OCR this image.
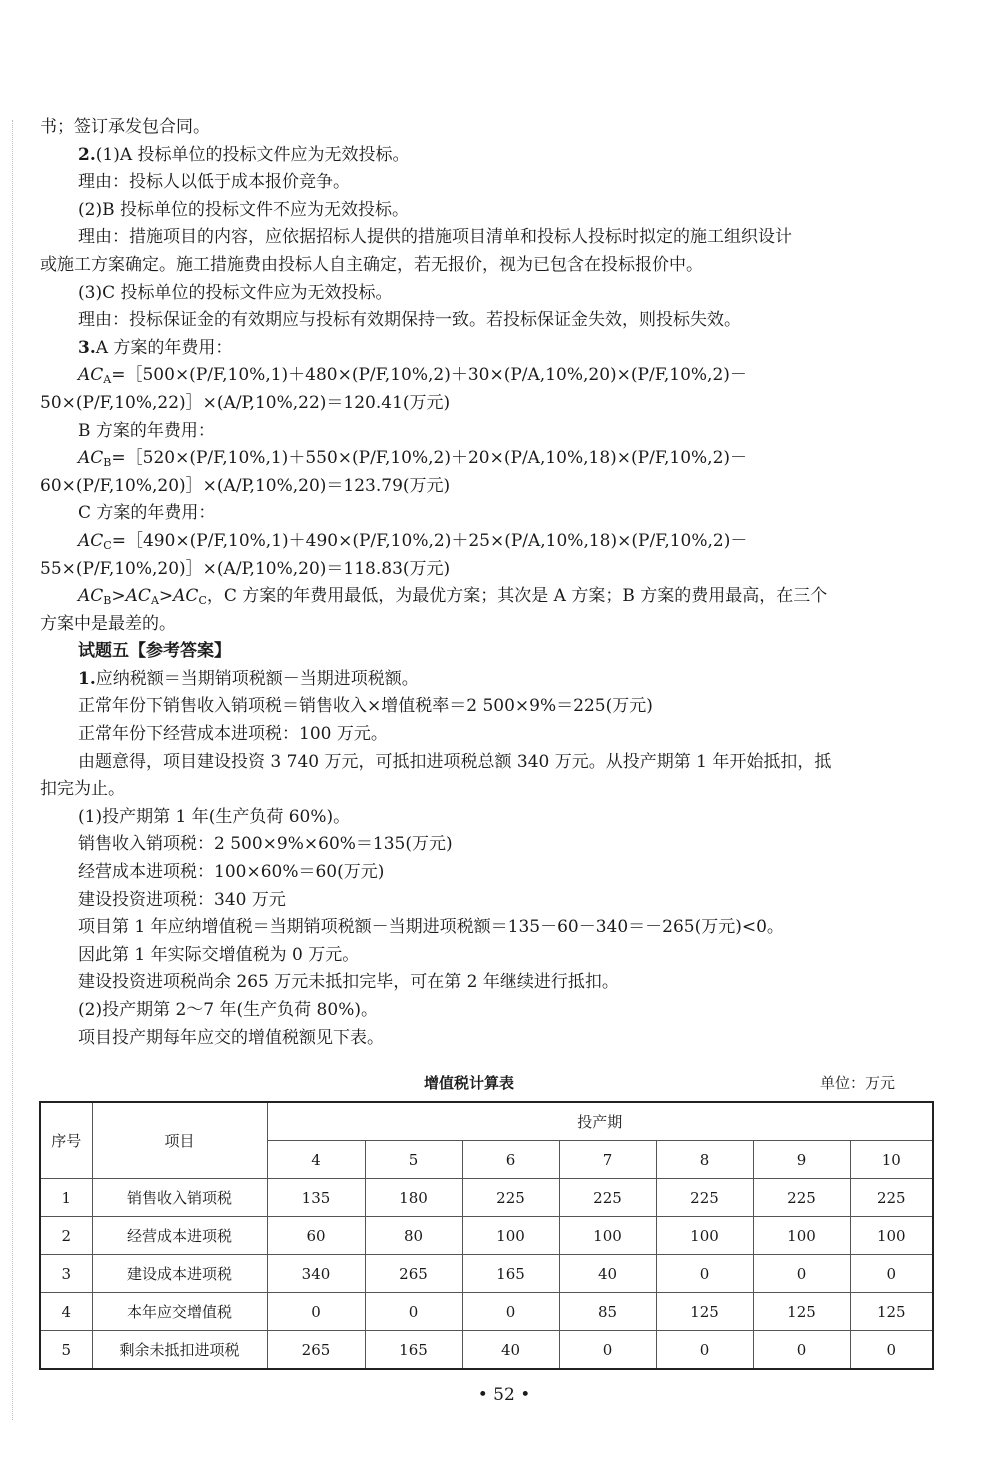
书；签订承发包合同。

2.(1)A 投标单位的投标文件应为无效投标。

理由：投标人以低于成本报价竞争。

(2)B 投标单位的投标文件不应为无效投标。

理由：措施项目的内容，应依据招标人提供的措施项目清单和投标人投标时拟定的施工组织设计

或施工方案确定。施工措施费由投标人自主确定，若无报价，视为已包含在投标报价中。

(3)C 投标单位的投标文件应为无效投标。

理由：投标保证金的有效期应与投标有效期保持一致。若投标保证金失效，则投标失效。

3.A 方案的年费用：

$AC_A=[500\times(P/F,10\%,1)+480\times(P/F,10\%,2)+30\times(P/A,10\%,20)\times(P/F,10\%,2)-$

50×(P/F,10%,22)］×(A/P,10%,22)＝120.41(万元)

B 方案的年费用：

$AC_B=[520\times(P/F,10\%,1)+550\times(P/F,10\%,2)+20\times(P/A,10\%,18)\times(P/F,10\%,2)-$

60×(P/F,10%,20)］×(A/P,10%,20)＝123.79(万元)

C 方案的年费用：

$AC_C=[490\times(P/F,10\%,1)+490\times(P/F,10\%,2)+25\times(P/A,10\%,18)\times(P/F,10\%,2)-$

55×(P/F,10%,20)］×(A/P,10%,20)＝118.83(万元)

$AC_B>AC_A>AC_C$，C 方案的年费用最低，为最优方案；其次是 A 方案；B 方案的费用最高，在三个

方案中是最差的。

试题五【参考答案】

1.应纳税额＝当期销项税额－当期进项税额。

正常年份下销售收入销项税＝销售收入×增值税率＝2 500×9%＝225(万元)

正常年份下经营成本进项税：100 万元。

由题意得，项目建设投资 3 740 万元，可抵扣进项税总额 340 万元。从投产期第 1 年开始抵扣，抵

扣完为止。

(1)投产期第 1 年(生产负荷 60%)。

销售收入销项税：2 500×9%×60%＝135(万元)

经营成本进项税：100×60%＝60(万元)

建设投资进项税：340 万元

项目第 1 年应纳增值税＝当期销项税额－当期进项税额＝135－60－340＝－265(万元)<0。

因此第 1 年实际交增值税为 0 万元。

建设投资进项税尚余 265 万元未抵扣完毕，可在第 2 年继续进行抵扣。

(2)投产期第 2～7 年(生产负荷 80%)。

项目投产期每年应交的增值税额见下表。

增值税计算表	单位：万元
序号	项目	投产期						
		4	5	6	7	8	9	10
1	销售收入销项税	135	180	225	225	225	225	225
2	经营成本进项税	60	80	100	100	100	100	100
3	建设成本进项税	340	265	165	40	0	0	0
4	本年应交增值税	0	0	0	85	125	125	125
5	剩余未抵扣进项税	265	165	40	0	0	0	0
• 52 •
